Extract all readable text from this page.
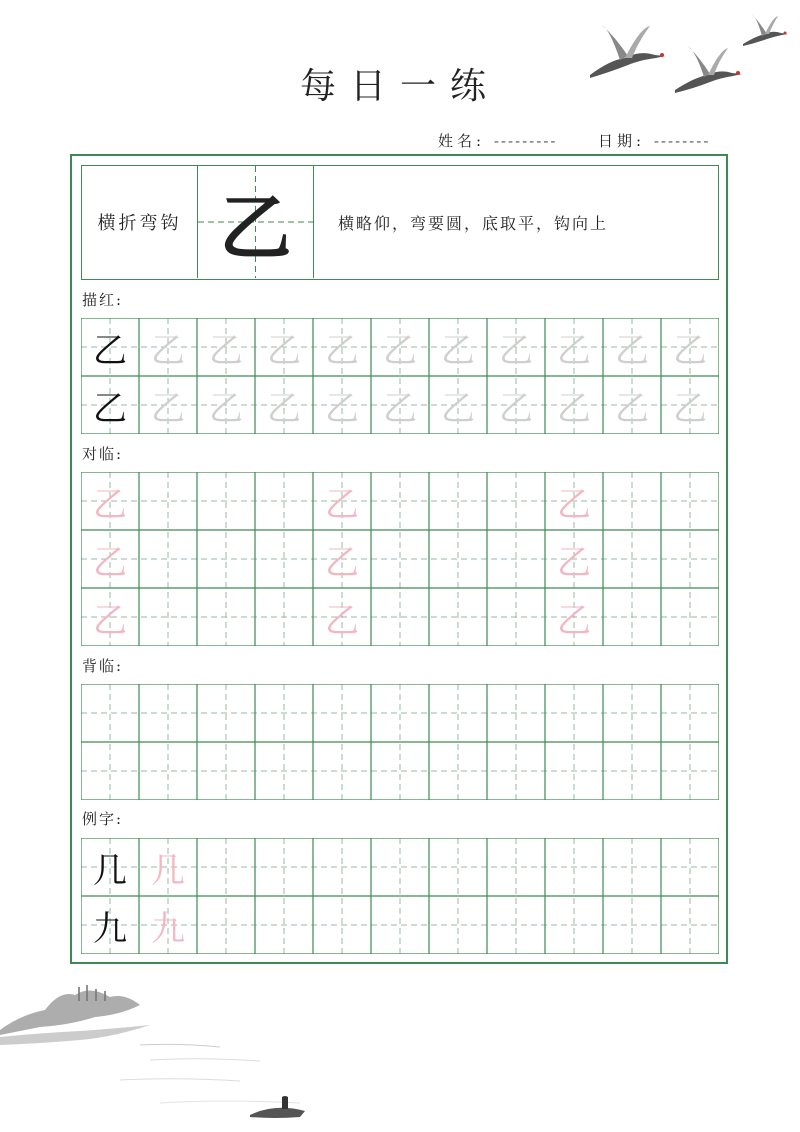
每日一练
姓名: ---------	日期: --------
横折弯钩 乙	横略仰，弯要圆，底取平，钩向上
描红:
对临:
背临:
例字:
乙 乙 乙 乙 乙 乙 乙 乙 乙 乙 乙
乙 乙 乙 乙 乙 乙 乙 乙 乙 乙 乙
乙	乙	乙
乙	乙	乙
乙	乙	乙
几 几
九 九
